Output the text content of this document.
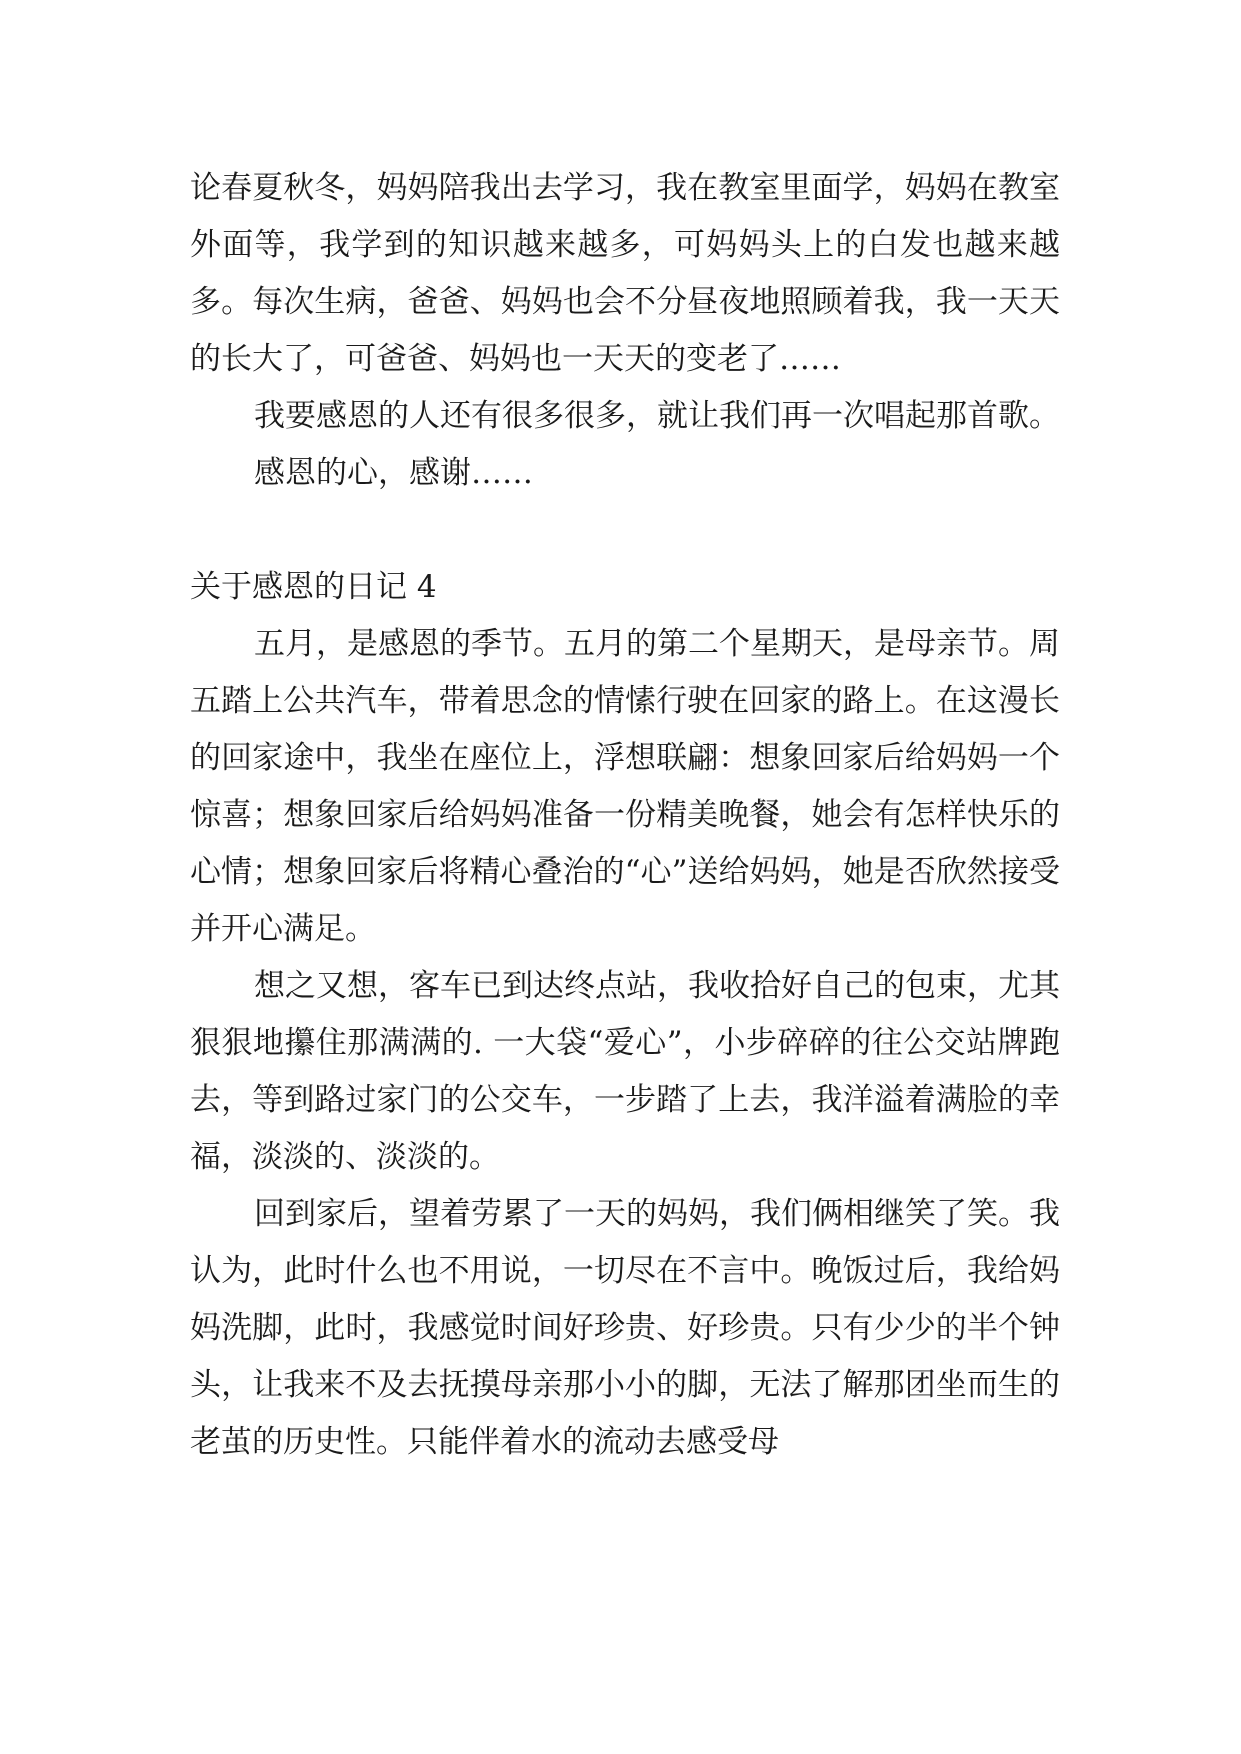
论春夏秋冬，妈妈陪我出去学习，我在教室里面学，妈妈在教室外面等，我学到的知识越来越多，可妈妈头上的白发也越来越多。每次生病，爸爸、妈妈也会不分昼夜地照顾着我，我一天天的长大了，可爸爸、妈妈也一天天的变老了……

我要感恩的人还有很多很多，就让我们再一次唱起那首歌。

感恩的心，感谢……

关于感恩的日记 4

五月，是感恩的季节。五月的第二个星期天，是母亲节。周五踏上公共汽车，带着思念的情愫行驶在回家的路上。在这漫长的回家途中，我坐在座位上，浮想联翩：想象回家后给妈妈一个惊喜；想象回家后给妈妈准备一份精美晚餐，她会有怎样快乐的心情；想象回家后将精心叠治的“心”送给妈妈，她是否欣然接受并开心满足。

想之又想，客车已到达终点站，我收拾好自己的包束，尤其狠狠地攥住那满满的. 一大袋“爱心”，小步碎碎的往公交站牌跑去，等到路过家门的公交车，一步踏了上去，我洋溢着满脸的幸福，淡淡的、淡淡的。

回到家后，望着劳累了一天的妈妈，我们俩相继笑了笑。我认为，此时什么也不用说，一切尽在不言中。晚饭过后，我给妈妈洗脚，此时，我感觉时间好珍贵、好珍贵。只有少少的半个钟头，让我来不及去抚摸母亲那小小的脚，无法了解那团坐而生的老茧的历史性。只能伴着水的流动去感受母
